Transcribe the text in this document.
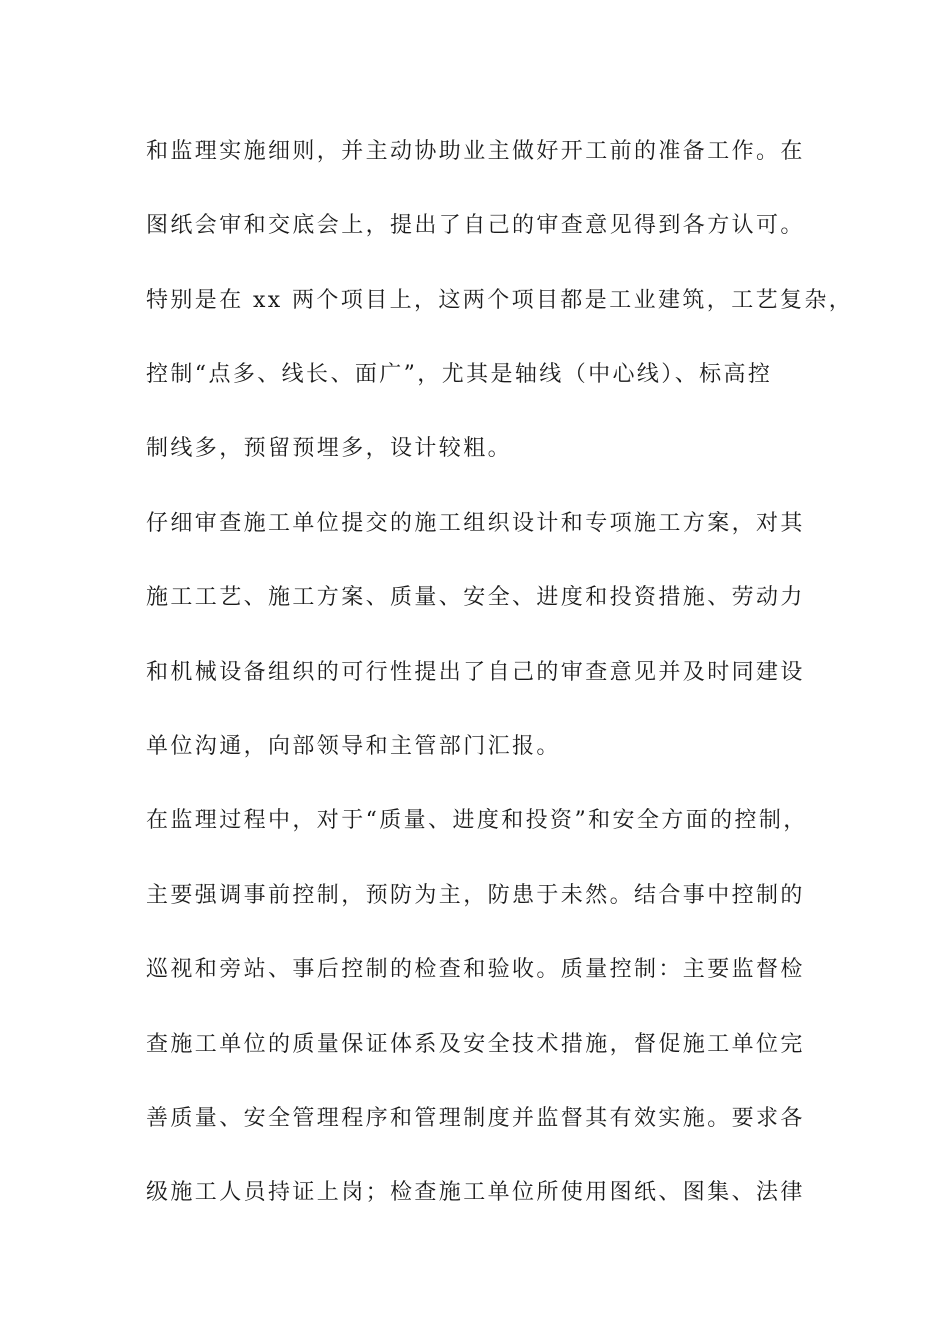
和监理实施细则，并主动协助业主做好开工前的准备工作。在
图纸会审和交底会上，提出了自己的审查意见得到各方认可。
特别是在 xx 两个项目上，这两个项目都是工业建筑，工艺复杂，
控制“点多、线长、面广”，尤其是轴线（中心线）、标高控
制线多，预留预埋多，设计较粗。
仔细审查施工单位提交的施工组织设计和专项施工方案，对其
施工工艺、施工方案、质量、安全、进度和投资措施、劳动力
和机械设备组织的可行性提出了自己的审查意见并及时同建设
单位沟通，向部领导和主管部门汇报。
在监理过程中，对于“质量、进度和投资”和安全方面的控制，
主要强调事前控制，预防为主，防患于未然。结合事中控制的
巡视和旁站、事后控制的检查和验收。质量控制：主要监督检
查施工单位的质量保证体系及安全技术措施，督促施工单位完
善质量、安全管理程序和管理制度并监督其有效实施。要求各
级施工人员持证上岗；检查施工单位所使用图纸、图集、法律
